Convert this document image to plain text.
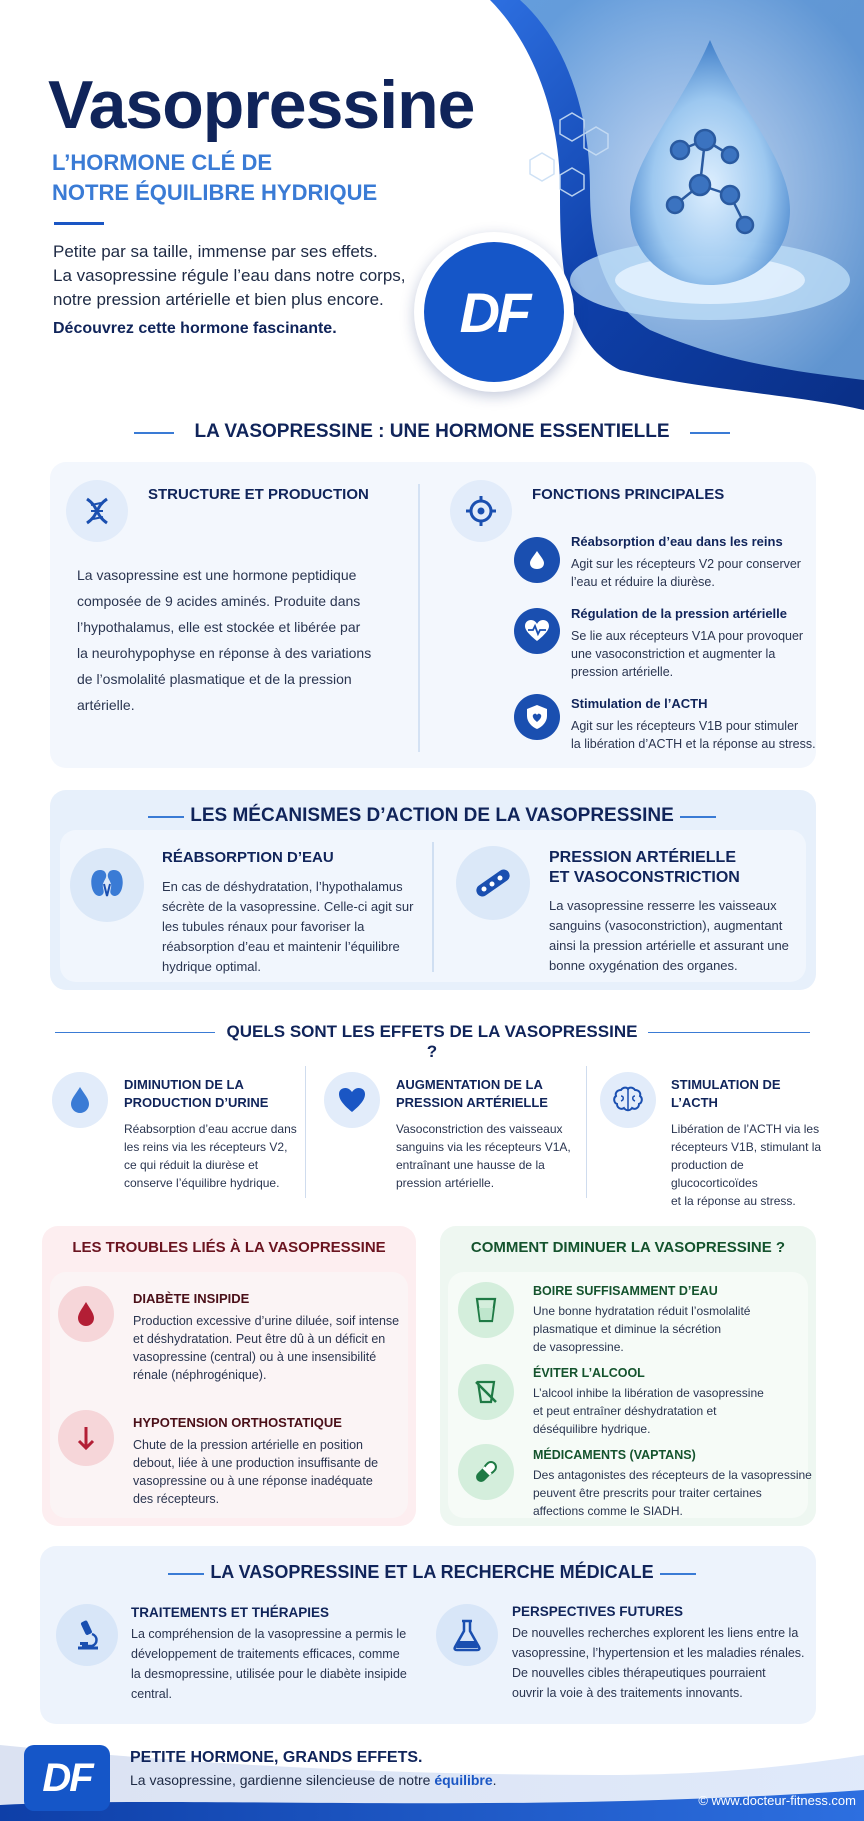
Vasopressine
L’HORMONE CLÉ DE
NOTRE ÉQUILIBRE HYDRIQUE
Petite par sa taille, immense par ses effets.
La vasopressine régule l’eau dans notre corps,
notre pression artérielle et bien plus encore.
Découvrez cette hormone fascinante.	DF
LA VASOPRESSINE : UNE HORMONE ESSENTIELLE
STRUCTURE ET PRODUCTION
La vasopressine est une hormone peptidique
composée de 9 acides aminés. Produite dans
l’hypothalamus, elle est stockée et libérée par
la neurohypophyse en réponse à des variations
de l’osmolalité plasmatique et de la pression
artérielle.
FONCTIONS PRINCIPALES
Réabsorption d’eau dans les reins
Agit sur les récepteurs V2 pour conserver
l’eau et réduire la diurèse.
Régulation de la pression artérielle
Se lie aux récepteurs V1A pour provoquer
une vasoconstriction et augmenter la
pression artérielle.
Stimulation de l’ACTH
Agit sur les récepteurs V1B pour stimuler
la libération d’ACTH et la réponse au stress.
LES MÉCANISMES D’ACTION DE LA VASOPRESSINE
RÉABSORPTION D’EAU
En cas de déshydratation, l’hypothalamus
sécrète de la vasopressine. Celle-ci agit sur
les tubules rénaux pour favoriser la
réabsorption d’eau et maintenir l’équilibre
hydrique optimal.
PRESSION ARTÉRIELLE
ET VASOCONSTRICTION
La vasopressine resserre les vaisseaux
sanguins (vasoconstriction), augmentant
ainsi la pression artérielle et assurant une
bonne oxygénation des organes.
QUELS SONT LES EFFETS DE LA VASOPRESSINE ?
DIMINUTION DE LA
PRODUCTION D’URINE
Réabsorption d’eau accrue dans
les reins via les récepteurs V2,
ce qui réduit la diurèse et
conserve l’équilibre hydrique.
AUGMENTATION DE LA
PRESSION ARTÉRIELLE
Vasoconstriction des vaisseaux
sanguins via les récepteurs V1A,
entraînant une hausse de la
pression artérielle.
STIMULATION DE
L’ACTH
Libération de l’ACTH via les
récepteurs V1B, stimulant la
production de glucocorticoïdes
et la réponse au stress.
LES TROUBLES LIÉS À LA VASOPRESSINE
DIABÈTE INSIPIDE
Production excessive d’urine diluée, soif intense
et déshydratation. Peut être dû à un déficit en
vasopressine (central) ou à une insensibilité
rénale (néphrogénique).
HYPOTENSION ORTHOSTATIQUE
Chute de la pression artérielle en position
debout, liée à une production insuffisante de
vasopressine ou à une réponse inadéquate
des récepteurs.
COMMENT DIMINUER LA VASOPRESSINE ?
BOIRE SUFFISAMMENT D’EAU
Une bonne hydratation réduit l’osmolalité
plasmatique et diminue la sécrétion
de vasopressine.
ÉVITER L’ALCOOL
L’alcool inhibe la libération de vasopressine
et peut entraîner déshydratation et
déséquilibre hydrique.
MÉDICAMENTS (VAPTANS)
Des antagonistes des récepteurs de la vasopressine
peuvent être prescrits pour traiter certaines
affections comme le SIADH.
LA VASOPRESSINE ET LA RECHERCHE MÉDICALE
TRAITEMENTS ET THÉRAPIES
La compréhension de la vasopressine a permis le
développement de traitements efficaces, comme
la desmopressine, utilisée pour le diabète insipide
central.
PERSPECTIVES FUTURES
De nouvelles recherches explorent les liens entre la
vasopressine, l’hypertension et les maladies rénales.
De nouvelles cibles thérapeutiques pourraient
ouvrir la voie à des traitements innovants.
DF	PETITE HORMONE, GRANDS EFFETS.
La vasopressine, gardienne silencieuse de notre équilibre.
© www.docteur-fitness.com
